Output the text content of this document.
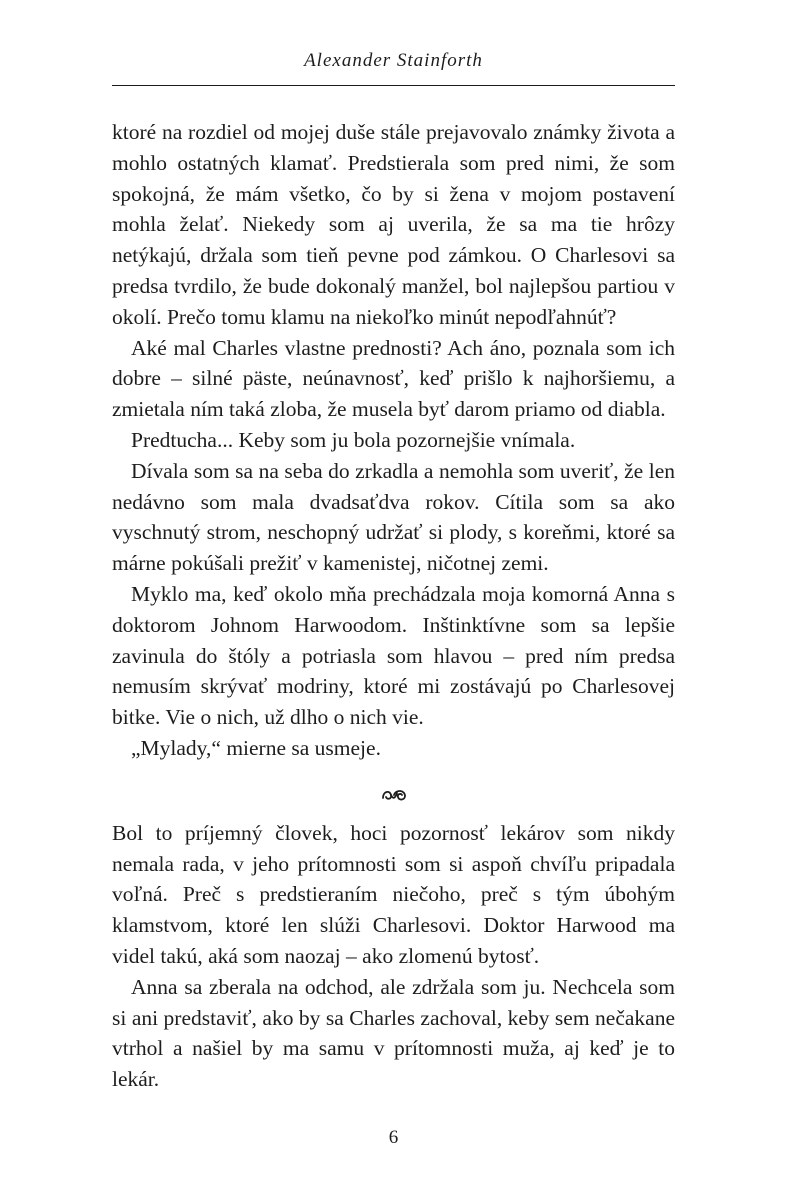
Alexander Stainforth

ktoré na rozdiel od mojej duše stále prejavovalo známky života a mohlo ostatných klamať. Predstierala som pred nimi, že som spokojná, že mám všetko, čo by si žena v mojom postavení mohla želať. Niekedy som aj uverila, že sa ma tie hrôzy netýkajú, držala som tieň pevne pod zámkou. O Charlesovi sa predsa tvrdilo, že bude dokonalý manžel, bol najlepšou partiou v okolí. Prečo tomu klamu na niekoľko minút nepodľahnúť?

Aké mal Charles vlastne prednosti? Ach áno, poznala som ich dobre – silné päste, neúnavnosť, keď prišlo k najhoršiemu, a zmietala ním taká zloba, že musela byť darom priamo od diabla.

Predtucha... Keby som ju bola pozornejšie vnímala.

Dívala som sa na seba do zrkadla a nemohla som uveriť, že len nedávno som mala dvadsaťdva rokov. Cítila som sa ako vyschnutý strom, neschopný udržať si plody, s koreňmi, ktoré sa márne pokúšali prežiť v kamenistej, ničotnej zemi.

Myklo ma, keď okolo mňa prechádzala moja komorná Anna s doktorom Johnom Harwoodom. Inštinktívne som sa lepšie zavinula do štóly a potriasla som hlavou – pred ním predsa nemusím skrývať modriny, ktoré mi zostávajú po Charlesovej bitke. Vie o nich, už dlho o nich vie.

„Mylady,“ mierne sa usmeje.

Bol to príjemný človek, hoci pozornosť lekárov som nikdy nemala rada, v jeho prítomnosti som si aspoň chvíľu pripadala voľná. Preč s predstieraním niečoho, preč s tým úbohým klamstvom, ktoré len slúži Charlesovi. Doktor Harwood ma videl takú, aká som naozaj – ako zlomenú bytosť.

Anna sa zberala na odchod, ale zdržala som ju. Nechcela som si ani predstaviť, ako by sa Charles zachoval, keby sem nečakane vtrhol a našiel by ma samu v prítomnosti muža, aj keď je to lekár.

6
